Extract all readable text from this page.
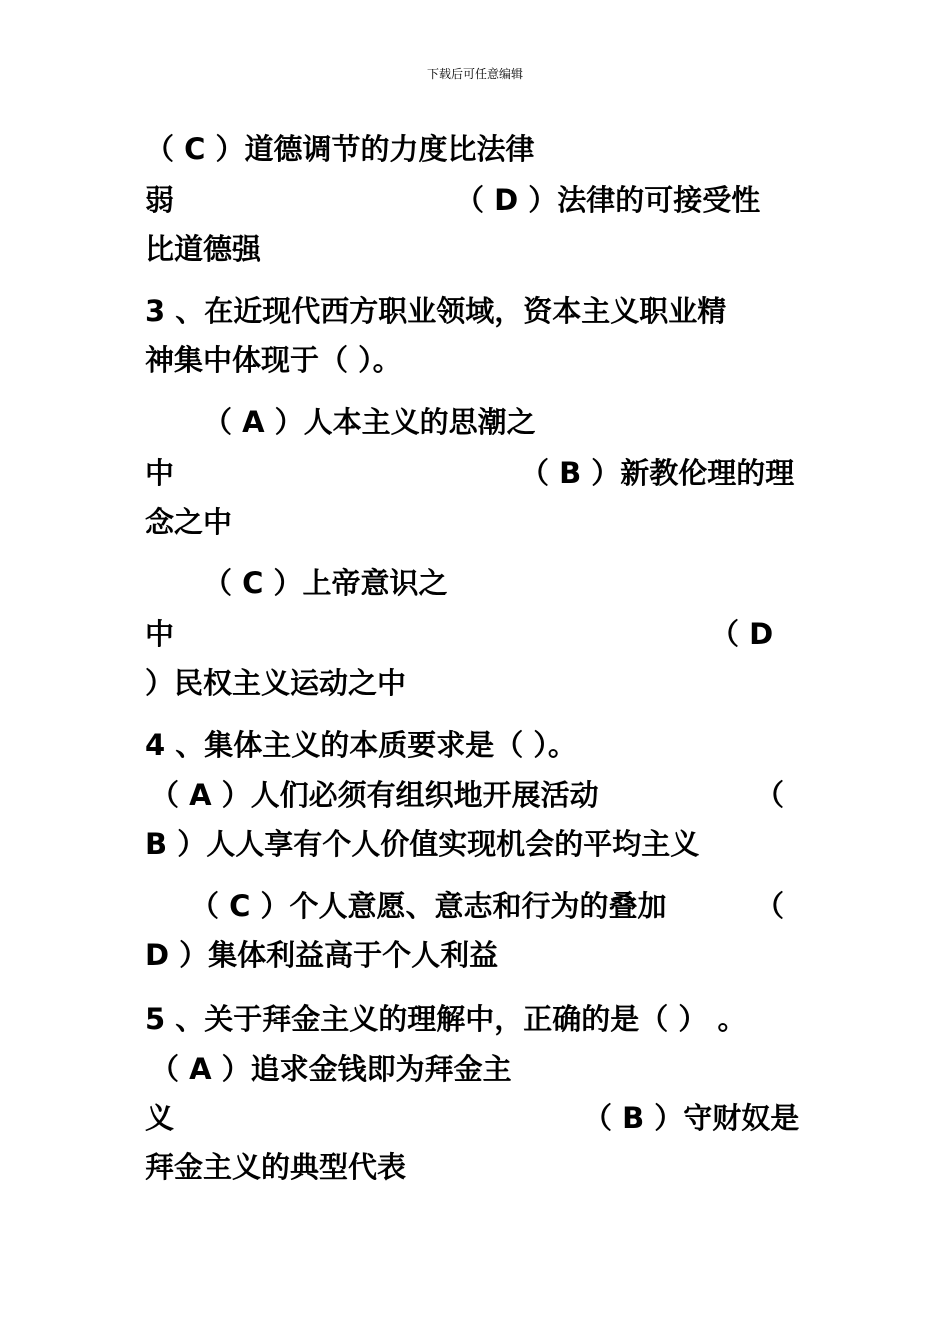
下载后可任意编辑
（ C ）道德调节的力度比法律
弱	（ D ）法律的可接受性
比道德强
3 、在近现代西方职业领域，资本主义职业精
神集中体现于（ ）。
（ A ）人本主义的思潮之
中	（ B ）新教伦理的理
念之中
（ C ）上帝意识之
中	（ D
）民权主义运动之中
4 、集体主义的本质要求是（ ）。
（ A ）人们必须有组织地开展活动	（
B ）人人享有个人价值实现机会的平均主义
（ C ）个人意愿、意志和行为的叠加	（
D ）集体利益高于个人利益
5 、关于拜金主义的理解中，正确的是（ ） 。
（ A ）追求金钱即为拜金主
义	（ B ）守财奴是
拜金主义的典型代表
